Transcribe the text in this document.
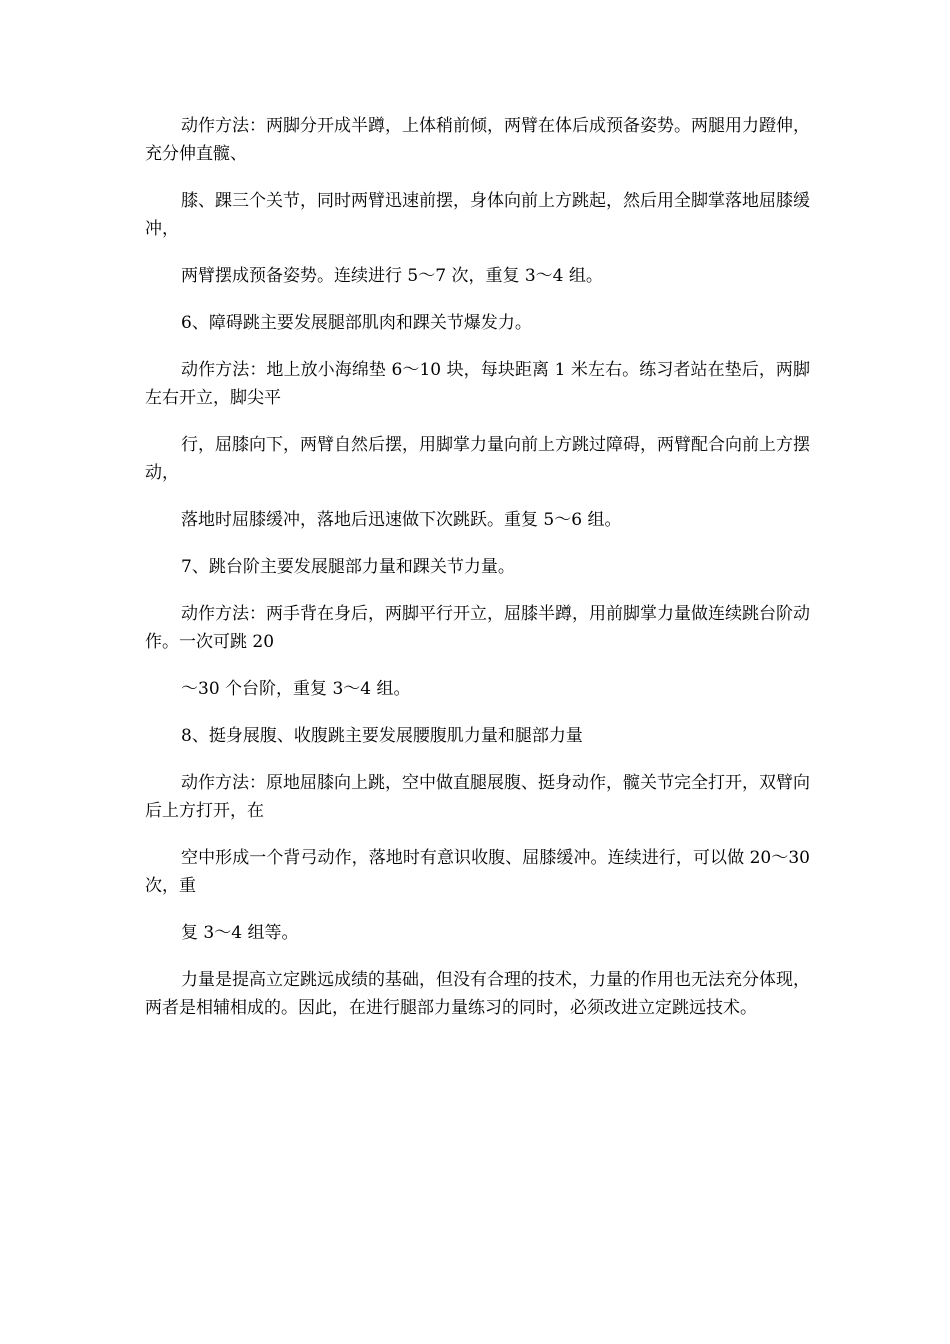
动作方法：两脚分开成半蹲，上体稍前倾，两臂在体后成预备姿势。两腿用力蹬伸，充分伸直髋、

膝、踝三个关节，同时两臂迅速前摆，身体向前上方跳起，然后用全脚掌落地屈膝缓冲，

两臂摆成预备姿势。连续进行 5～7 次，重复 3～4 组。

6、障碍跳主要发展腿部肌肉和踝关节爆发力。

动作方法：地上放小海绵垫 6～10 块，每块距离 1 米左右。练习者站在垫后，两脚左右开立，脚尖平

行，屈膝向下，两臂自然后摆，用脚掌力量向前上方跳过障碍，两臂配合向前上方摆动，

落地时屈膝缓冲，落地后迅速做下次跳跃。重复 5～6 组。

7、跳台阶主要发展腿部力量和踝关节力量。

动作方法：两手背在身后，两脚平行开立，屈膝半蹲，用前脚掌力量做连续跳台阶动作。一次可跳 20

～30 个台阶，重复 3～4 组。

8、挺身展腹、收腹跳主要发展腰腹肌力量和腿部力量

动作方法：原地屈膝向上跳，空中做直腿展腹、挺身动作，髋关节完全打开，双臂向后上方打开，在

空中形成一个背弓动作，落地时有意识收腹、屈膝缓冲。连续进行，可以做 20～30 次，重

复 3～4 组等。

力量是提高立定跳远成绩的基础，但没有合理的技术，力量的作用也无法充分体现，两者是相辅相成的。因此，在进行腿部力量练习的同时，必须改进立定跳远技术。
